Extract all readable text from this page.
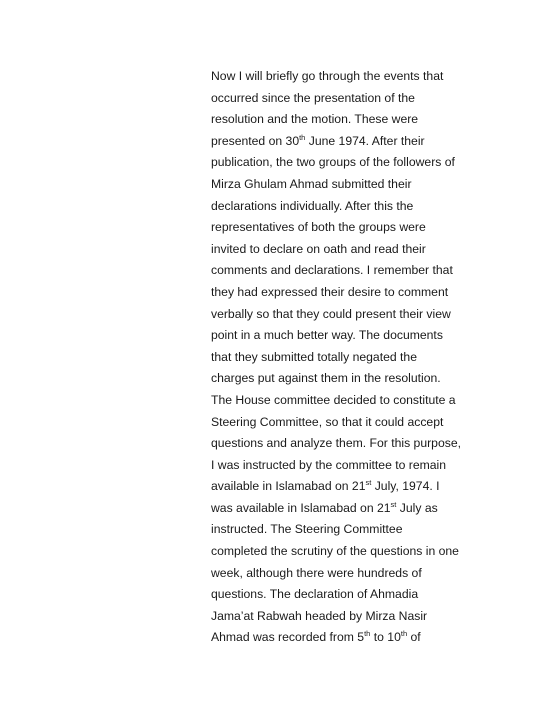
Now I will briefly go through the events that
occurred since the presentation of the
resolution and the motion. These were
presented on 30th June 1974. After their
publication, the two groups of the followers of
Mirza Ghulam Ahmad submitted their
declarations individually. After this the
representatives of both the groups were
invited to declare on oath and read their
comments and declarations. I remember that
they had expressed their desire to comment
verbally so that they could present their view
point in a much better way. The documents
that they submitted totally negated the
charges put against them in the resolution.
The House committee decided to constitute a
Steering Committee, so that it could accept
questions and analyze them. For this purpose,
I was instructed by the committee to remain
available in Islamabad on 21st July, 1974. I
was available in Islamabad on 21st July as
instructed. The Steering Committee
completed the scrutiny of the questions in one
week, although there were hundreds of
questions. The declaration of Ahmadia
Jama’at Rabwah headed by Mirza Nasir
Ahmad was recorded from 5th to 10th of
